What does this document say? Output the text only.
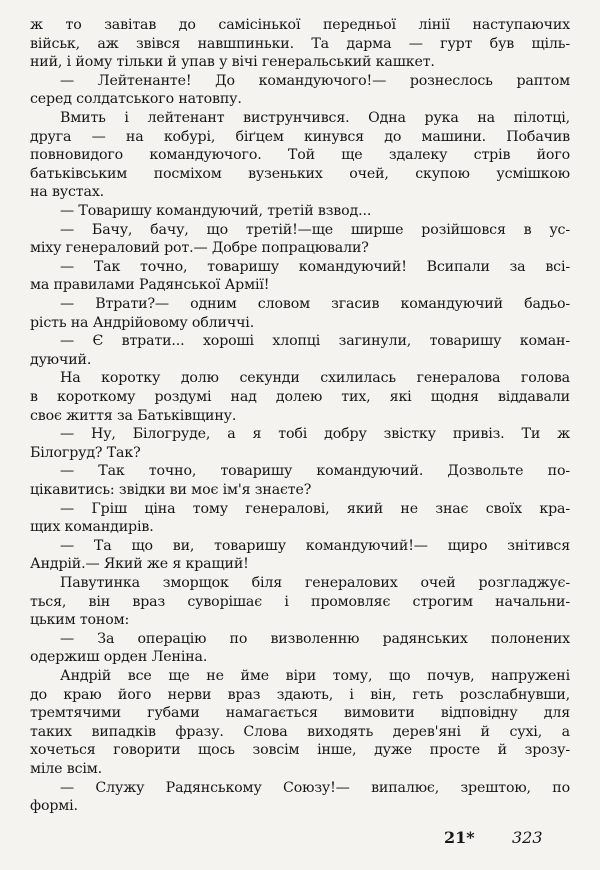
ж то завітав до самісінької передньої лінії наступаючих
військ, аж звівся навшпиньки. Та дарма — гурт був щіль-
ний, і йому тільки й упав у вічі генеральський кашкет.
— Лейтенанте! До командуючого!— рознеслось раптом
серед солдатського натовпу.
Вмить і лейтенант виструнчився. Одна рука на пілотці,
друга — на кобурі, біґцем кинувся до машини. Побачив
повновидого командуючого. Той ще здалеку стрів його
батьківським посміхом вузеньких очей, скупою усмішкою
на вустах.
— Товаришу командуючий, третій взвод...
— Бачу, бачу, що третій!—ще ширше розійшовся в ус-
міху генераловий рот.— Добре попрацювали?
— Так точно, товаришу командуючий! Всипали за всі-
ма правилами Радянської Армії!
— Втрати?— одним словом згасив командуючий бадьо-
рість на Андрійовому обличчі.
— Є втрати... хороші хлопці загинули, товаришу коман-
дуючий.
На коротку долю секунди схилилась генералова голова
в короткому роздумі над долею тих, які щодня віддавали
своє життя за Батьківщину.
— Ну, Білогруде, а я тобі добру звістку привіз. Ти ж
Білогруд? Так?
— Так точно, товаришу командуючий. Дозвольте по-
цікавитись: звідки ви моє ім'я знаєте?
— Гріш ціна тому генералові, який не знає своїх кра-
щих командирів.
— Та що ви, товаришу командуючий!— щиро знітився
Андрій.— Який же я кращий!
Павутинка зморщок біля генералових очей розгладжує-
ться, він враз суворішає і промовляє строгим начальни-
цьким тоном:
— За операцію по визволенню радянських полонених
одержиш орден Леніна.
Андрій все ще не йме віри тому, що почув, напружені
до краю його нерви враз здають, і він, геть розслабнувши,
тремтячими губами намагається вимовити відповідну для
таких випадків фразу. Слова виходять дерев'яні й сухі, а
хочеться говорити щось зовсім інше, дуже просте й зрозу-
міле всім.
— Служу Радянському Союзу!— випалює, зрештою, по
формі.
21* 323
